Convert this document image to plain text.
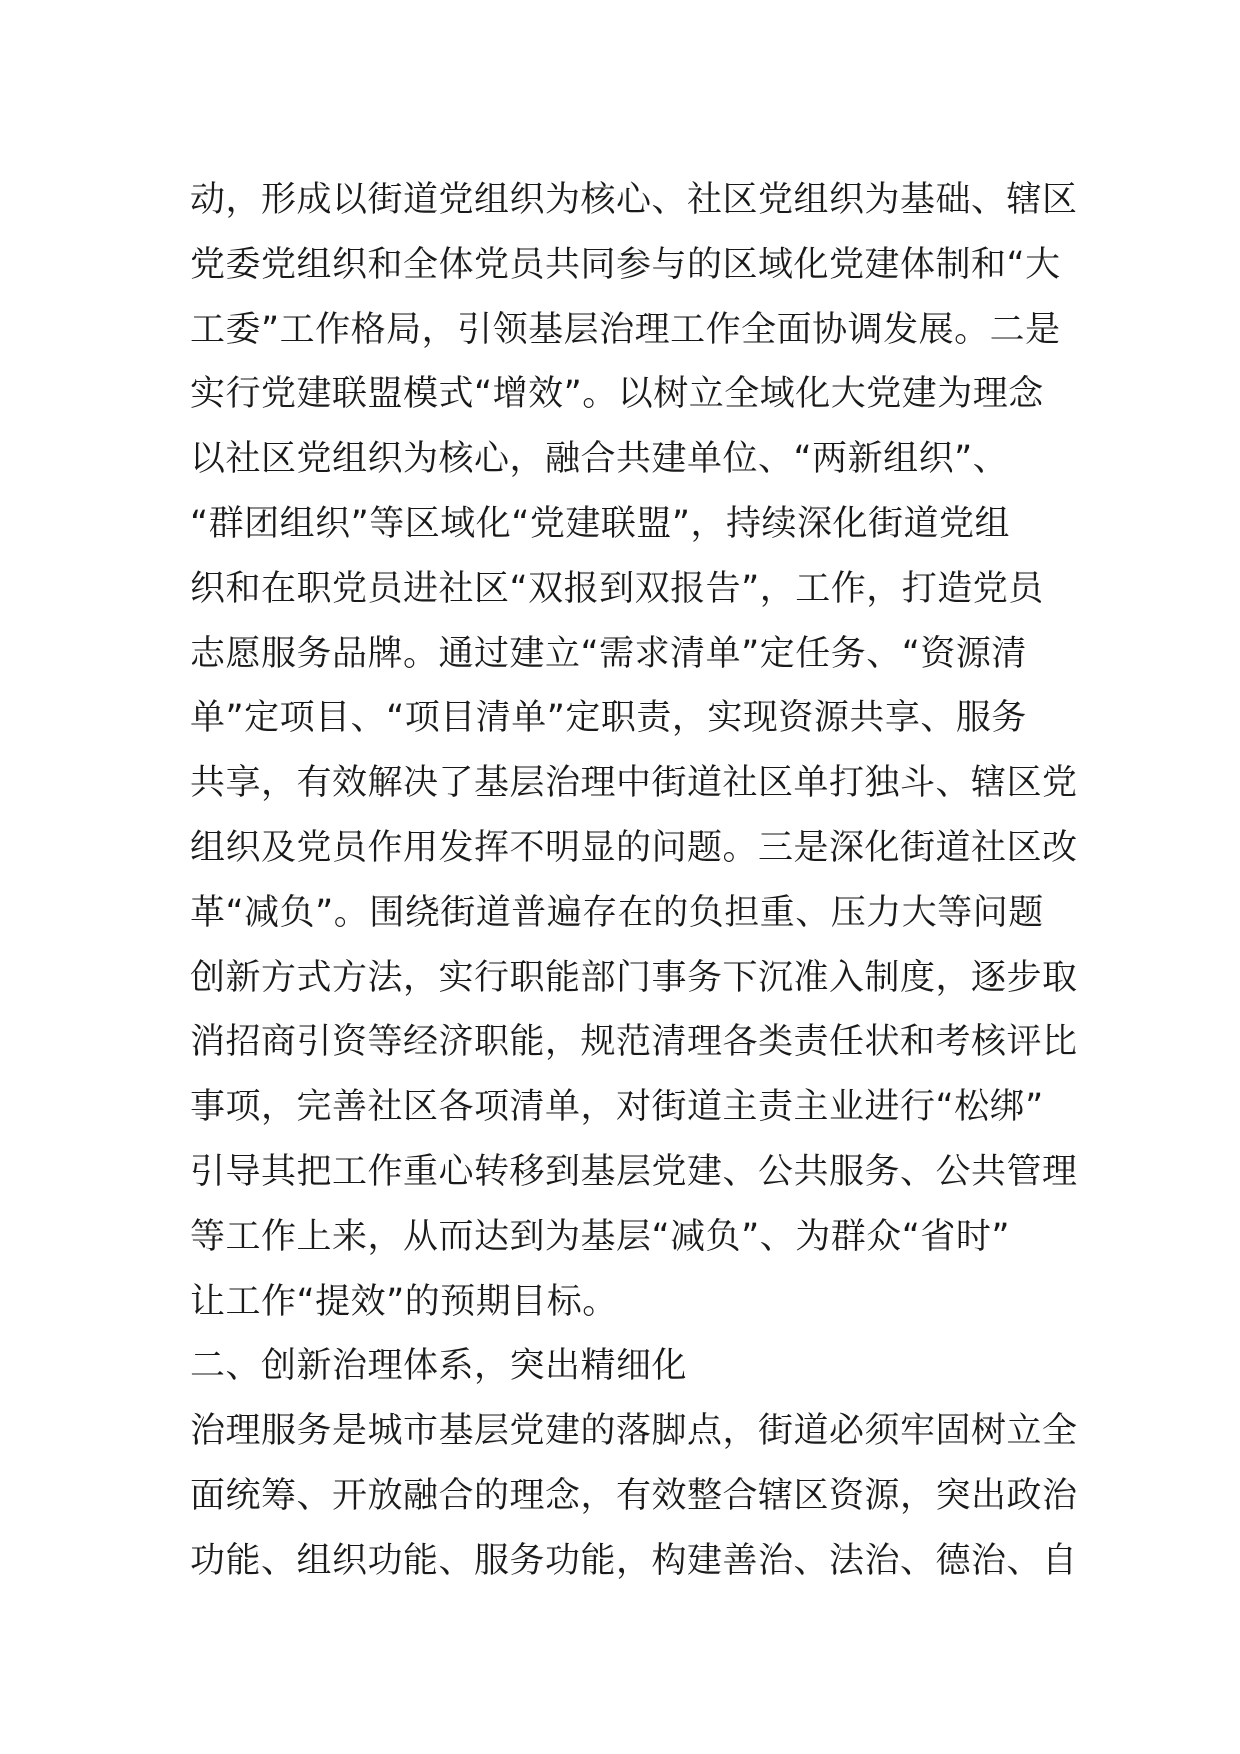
动，形成以街道党组织为核心、社区党组织为基础、辖区
党委党组织和全体党员共同参与的区域化党建体制和“大
工委”工作格局，引领基层治理工作全面协调发展。二是
实行党建联盟模式“增效”。以树立全域化大党建为理念
以社区党组织为核心，融合共建单位、“两新组织”、
“群团组织”等区域化“党建联盟”，持续深化街道党组
织和在职党员进社区“双报到双报告”，工作，打造党员
志愿服务品牌。通过建立“需求清单”定任务、“资源清
单”定项目、“项目清单”定职责，实现资源共享、服务
共享，有效解决了基层治理中街道社区单打独斗、辖区党
组织及党员作用发挥不明显的问题。三是深化街道社区改
革“减负”。围绕街道普遍存在的负担重、压力大等问题
创新方式方法，实行职能部门事务下沉准入制度，逐步取
消招商引资等经济职能，规范清理各类责任状和考核评比
事项，完善社区各项清单，对街道主责主业进行“松绑”
引导其把工作重心转移到基层党建、公共服务、公共管理
等工作上来，从而达到为基层“减负”、为群众“省时”
让工作“提效”的预期目标。
二、创新治理体系，突出精细化
治理服务是城市基层党建的落脚点，街道必须牢固树立全
面统筹、开放融合的理念，有效整合辖区资源，突出政治
功能、组织功能、服务功能，构建善治、法治、德治、自
